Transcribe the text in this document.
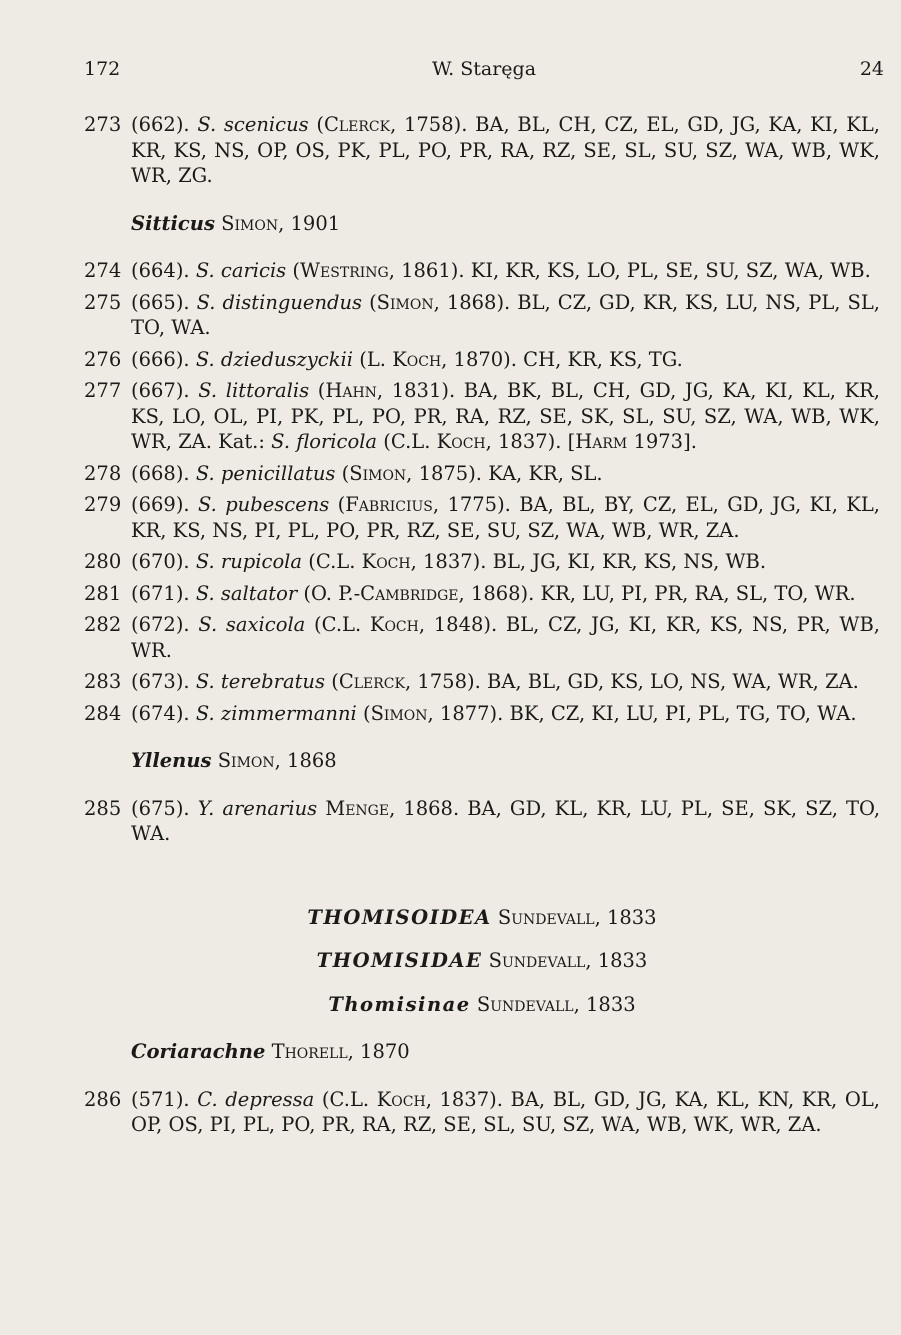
172	W. Staręga	24
273 (662). S. scenicus (Clerck, 1758). BA, BL, CH, CZ, EL, GD, JG, KA, KI, KL, KR, KS, NS, OP, OS, PK, PL, PO, PR, RA, RZ, SE, SL, SU, SZ, WA, WB, WK, WR, ZG.
Sitticus Simon, 1901
274 (664). S. caricis (Westring, 1861). KI, KR, KS, LO, PL, SE, SU, SZ, WA, WB.
275 (665). S. distinguendus (Simon, 1868). BL, CZ, GD, KR, KS, LU, NS, PL, SL, TO, WA.
276 (666). S. dzieduszyckii (L. Koch, 1870). CH, KR, KS, TG.
277 (667). S. littoralis (Hahn, 1831). BA, BK, BL, CH, GD, JG, KA, KI, KL, KR, KS, LO, OL, PI, PK, PL, PO, PR, RA, RZ, SE, SK, SL, SU, SZ, WA, WB, WK, WR, ZA. Kat.: S. floricola (C.L. Koch, 1837). [Harm 1973].
278 (668). S. penicillatus (Simon, 1875). KA, KR, SL.
279 (669). S. pubescens (Fabricius, 1775). BA, BL, BY, CZ, EL, GD, JG, KI, KL, KR, KS, NS, PI, PL, PO, PR, RZ, SE, SU, SZ, WA, WB, WR, ZA.
280 (670). S. rupicola (C.L. Koch, 1837). BL, JG, KI, KR, KS, NS, WB.
281 (671). S. saltator (O. P.-Cambridge, 1868). KR, LU, PI, PR, RA, SL, TO, WR.
282 (672). S. saxicola (C.L. Koch, 1848). BL, CZ, JG, KI, KR, KS, NS, PR, WB, WR.
283 (673). S. terebratus (Clerck, 1758). BA, BL, GD, KS, LO, NS, WA, WR, ZA.
284 (674). S. zimmermanni (Simon, 1877). BK, CZ, KI, LU, PI, PL, TG, TO, WA.
Yllenus Simon, 1868
285 (675). Y. arenarius Menge, 1868. BA, GD, KL, KR, LU, PL, SE, SK, SZ, TO, WA.
THOMISOIDEA Sundevall, 1833
THOMISIDAE Sundevall, 1833
Thomisinae Sundevall, 1833
Coriarachne Thorell, 1870
286 (571). C. depressa (C.L. Koch, 1837). BA, BL, GD, JG, KA, KL, KN, KR, OL, OP, OS, PI, PL, PO, PR, RA, RZ, SE, SL, SU, SZ, WA, WB, WK, WR, ZA.
